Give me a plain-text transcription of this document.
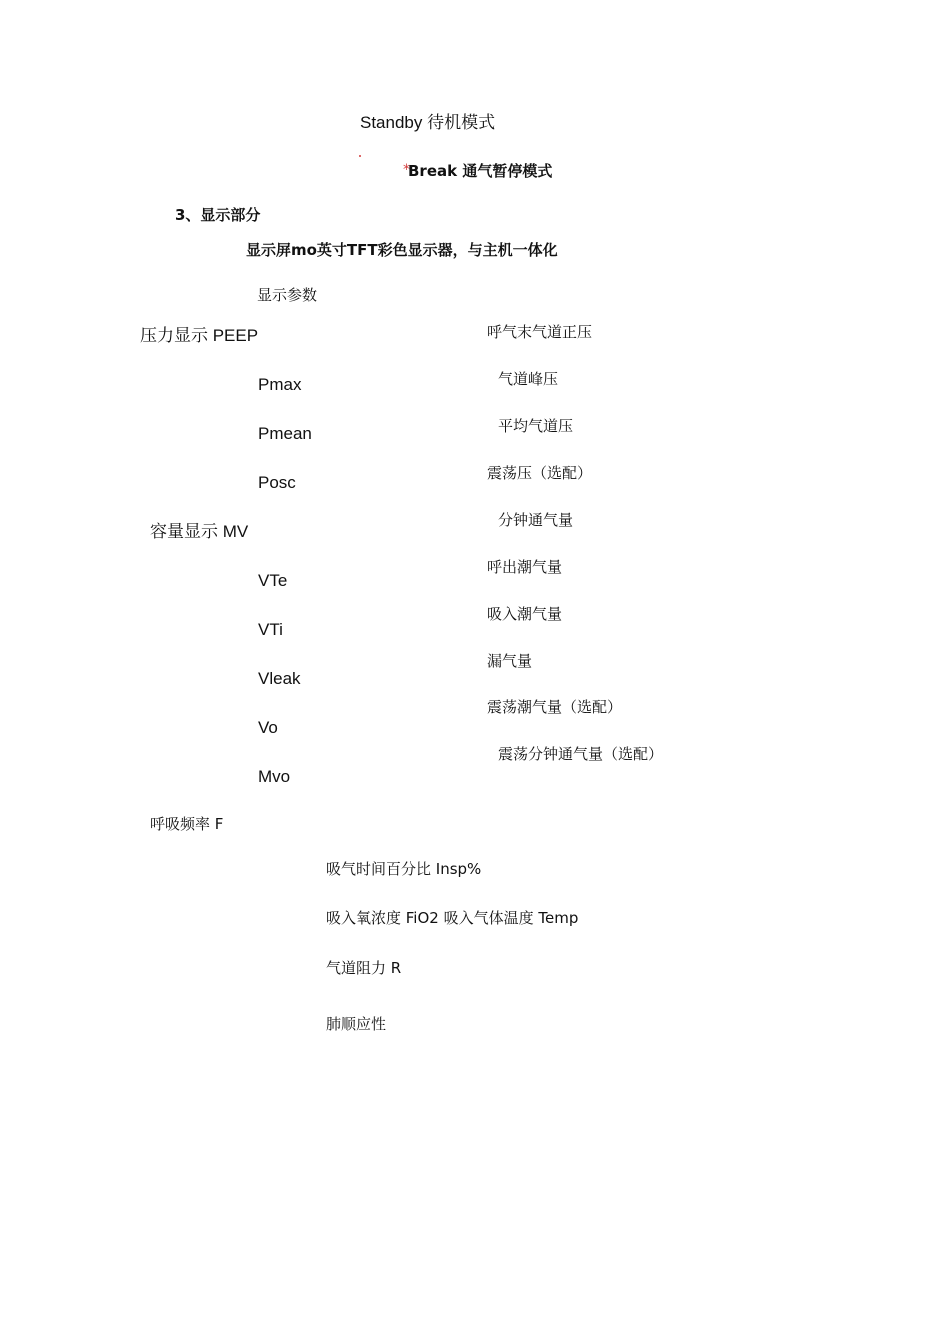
Standby 待机模式
*
Break 通气暂停模式
3、显示部分
显示屏mo英寸TFT彩色显示器，与主机一体化
显示参数
压力显示 PEEP
Pmax
Pmean
Posc
容量显示 MV
VTe
VTi
Vleak
Vo
Mvo
呼气末气道正压
气道峰压
平均气道压
震荡压（选配）
分钟通气量
呼出潮气量
吸入潮气量
漏气量
震荡潮气量（选配）
震荡分钟通气量（选配）
呼吸频率 F
吸气时间百分比 Insp%
吸入氧浓度 FiO2 吸入气体温度 Temp
气道阻力 R
肺顺应性
